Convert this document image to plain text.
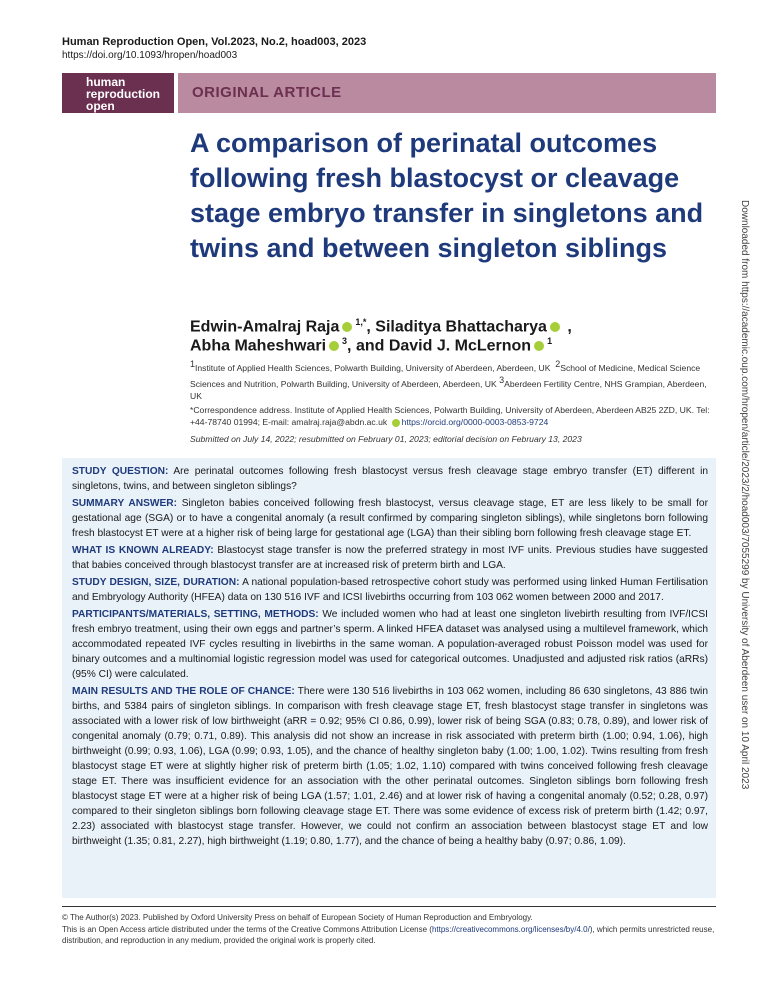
Human Reproduction Open, Vol.2023, No.2, hoad003, 2023
https://doi.org/10.1093/hropen/hoad003
human
reproduction
open
ORIGINAL ARTICLE
A comparison of perinatal outcomes following fresh blastocyst or cleavage stage embryo transfer in singletons and twins and between singleton siblings
Edwin-Amalraj Raja $^{1,*}$, Siladitya Bhattacharya ,
Abha Maheshwari $^3$, and David J. McLernon $^1$
$^1$Institute of Applied Health Sciences, Polwarth Building, University of Aberdeen, Aberdeen, UK $^2$School of Medicine, Medical Science Sciences and Nutrition, Polwarth Building, University of Aberdeen, Aberdeen, UK $^3$Aberdeen Fertility Centre, NHS Grampian, Aberdeen, UK
*Correspondence address. Institute of Applied Health Sciences, Polwarth Building, University of Aberdeen, Aberdeen AB25 2ZD, UK. Tel: +44-78740 01994; E-mail: amalraj.raja@abdn.ac.uk https://orcid.org/0000-0003-0853-9724
Submitted on July 14, 2022; resubmitted on February 01, 2023; editorial decision on February 13, 2023

STUDY QUESTION: Are perinatal outcomes following fresh blastocyst versus fresh cleavage stage embryo transfer (ET) different in singletons, twins, and between singleton siblings?

SUMMARY ANSWER: Singleton babies conceived following fresh blastocyst, versus cleavage stage, ET are less likely to be small for gestational age (SGA) or to have a congenital anomaly (a result confirmed by comparing singleton siblings), while singletons born following fresh blastocyst ET were at a higher risk of being large for gestational age (LGA) than their sibling born following fresh cleavage stage ET.

WHAT IS KNOWN ALREADY: Blastocyst stage transfer is now the preferred strategy in most IVF units. Previous studies have suggested that babies conceived through blastocyst transfer are at increased risk of preterm birth and LGA.

STUDY DESIGN, SIZE, DURATION: A national population-based retrospective cohort study was performed using linked Human Fertilisation and Embryology Authority (HFEA) data on 130 516 IVF and ICSI livebirths occurring from 103 062 women between 2000 and 2017.

PARTICIPANTS/MATERIALS, SETTING, METHODS: We included women who had at least one singleton livebirth resulting from IVF/ICSI fresh embryo treatment, using their own eggs and partner’s sperm. A linked HFEA dataset was analysed using a multilevel framework, which accommodated repeated IVF cycles resulting in livebirths in the same woman. A population-averaged robust Poisson model was used for binary outcomes and a multinomial logistic regression model was used for categorical outcomes. Unadjusted and adjusted risk ratios (aRRs) (95% CI) were calculated.

MAIN RESULTS AND THE ROLE OF CHANCE: There were 130 516 livebirths in 103 062 women, including 86 630 singletons, 43 886 twin births, and 5384 pairs of singleton siblings. In comparison with fresh cleavage stage ET, fresh blastocyst stage transfer in singletons was associated with a lower risk of low birthweight (aRR = 0.92; 95% CI 0.86, 0.99), lower risk of being SGA (0.83; 0.78, 0.89), and lower risk of congenital anomaly (0.79; 0.71, 0.89). This analysis did not show an increase in risk associated with preterm birth (1.00; 0.94, 1.06), high birthweight (0.99; 0.93, 1.06), LGA (0.99; 0.93, 1.05), and the chance of healthy singleton baby (1.00; 1.00, 1.02). Twins resulting from fresh blastocyst stage ET were at slightly higher risk of preterm birth (1.05; 1.02, 1.10) compared with twins conceived following fresh cleavage stage ET. There was insufficient evidence for an association with the other perinatal outcomes. Singleton siblings born following fresh blastocyst stage ET were at a higher risk of being LGA (1.57; 1.01, 2.46) and at lower risk of having a congenital anomaly (0.52; 0.28, 0.97) compared to their singleton siblings born following cleavage stage ET. There was some evidence of excess risk of preterm birth (1.42; 0.97, 2.23) associated with blastocyst stage transfer. However, we could not confirm an association between blastocyst stage ET and low birthweight (1.35; 0.81, 2.27), high birthweight (1.19; 0.80, 1.77), and the chance of being a healthy baby (0.97; 0.86, 1.09).

© The Author(s) 2023. Published by Oxford University Press on behalf of European Society of Human Reproduction and Embryology.

This is an Open Access article distributed under the terms of the Creative Commons Attribution License (https://creativecommons.org/licenses/by/4.0/), which permits unrestricted reuse, distribution, and reproduction in any medium, provided the original work is properly cited.

Downloaded from https://academic.oup.com/hropen/article/2023/2/hoad003/7055299 by University of Aberdeen user on 10 April 2023
